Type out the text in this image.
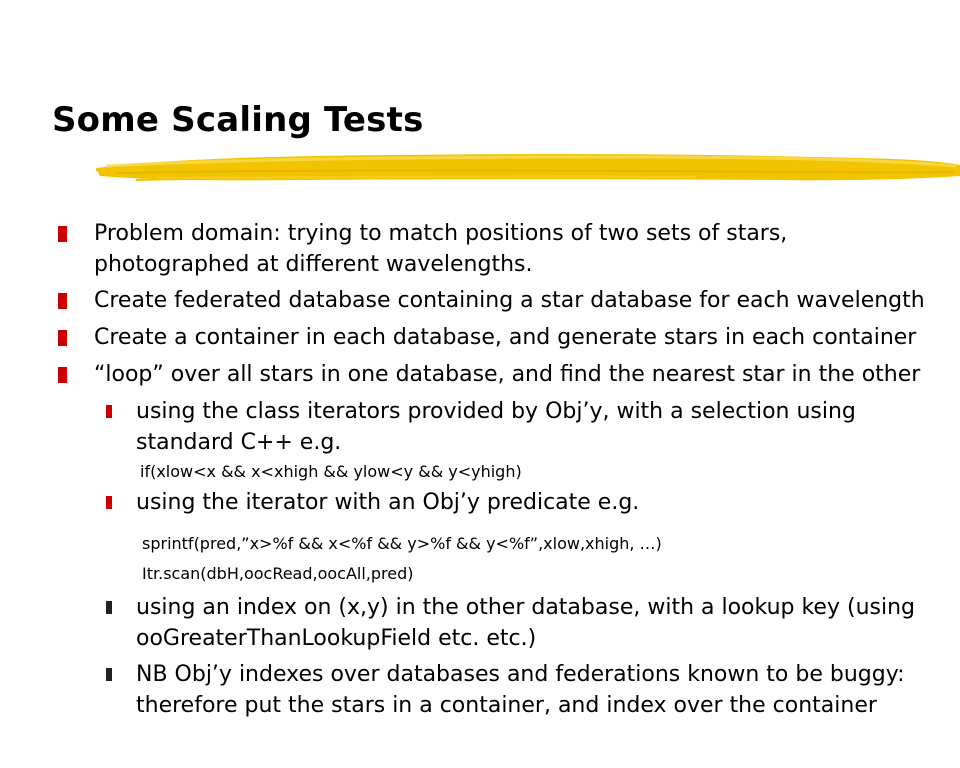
Some Scaling Tests

Problem domain: trying to match positions of two sets of stars, photographed at different wavelengths.

Create federated database containing a star database for each wavelength

Create a container in each database, and generate stars in each container

“loop” over all stars in one database, and find the nearest star in the other

using the class iterators provided by Obj’y, with a selection using standard C++ e.g.

if(xlow<x && x<xhigh && ylow<y && y<yhigh)

using the iterator with an Obj’y predicate e.g.

sprintf(pred,”x>%f && x<%f && y>%f && y<%f”,xlow,xhigh, …)

Itr.scan(dbH,oocRead,oocAll,pred)

using an index on (x,y) in the other database, with a lookup key (using ooGreaterThanLookupField etc. etc.)

NB Obj’y indexes over databases and federations known to be buggy: therefore put the stars in a container, and index over the container
